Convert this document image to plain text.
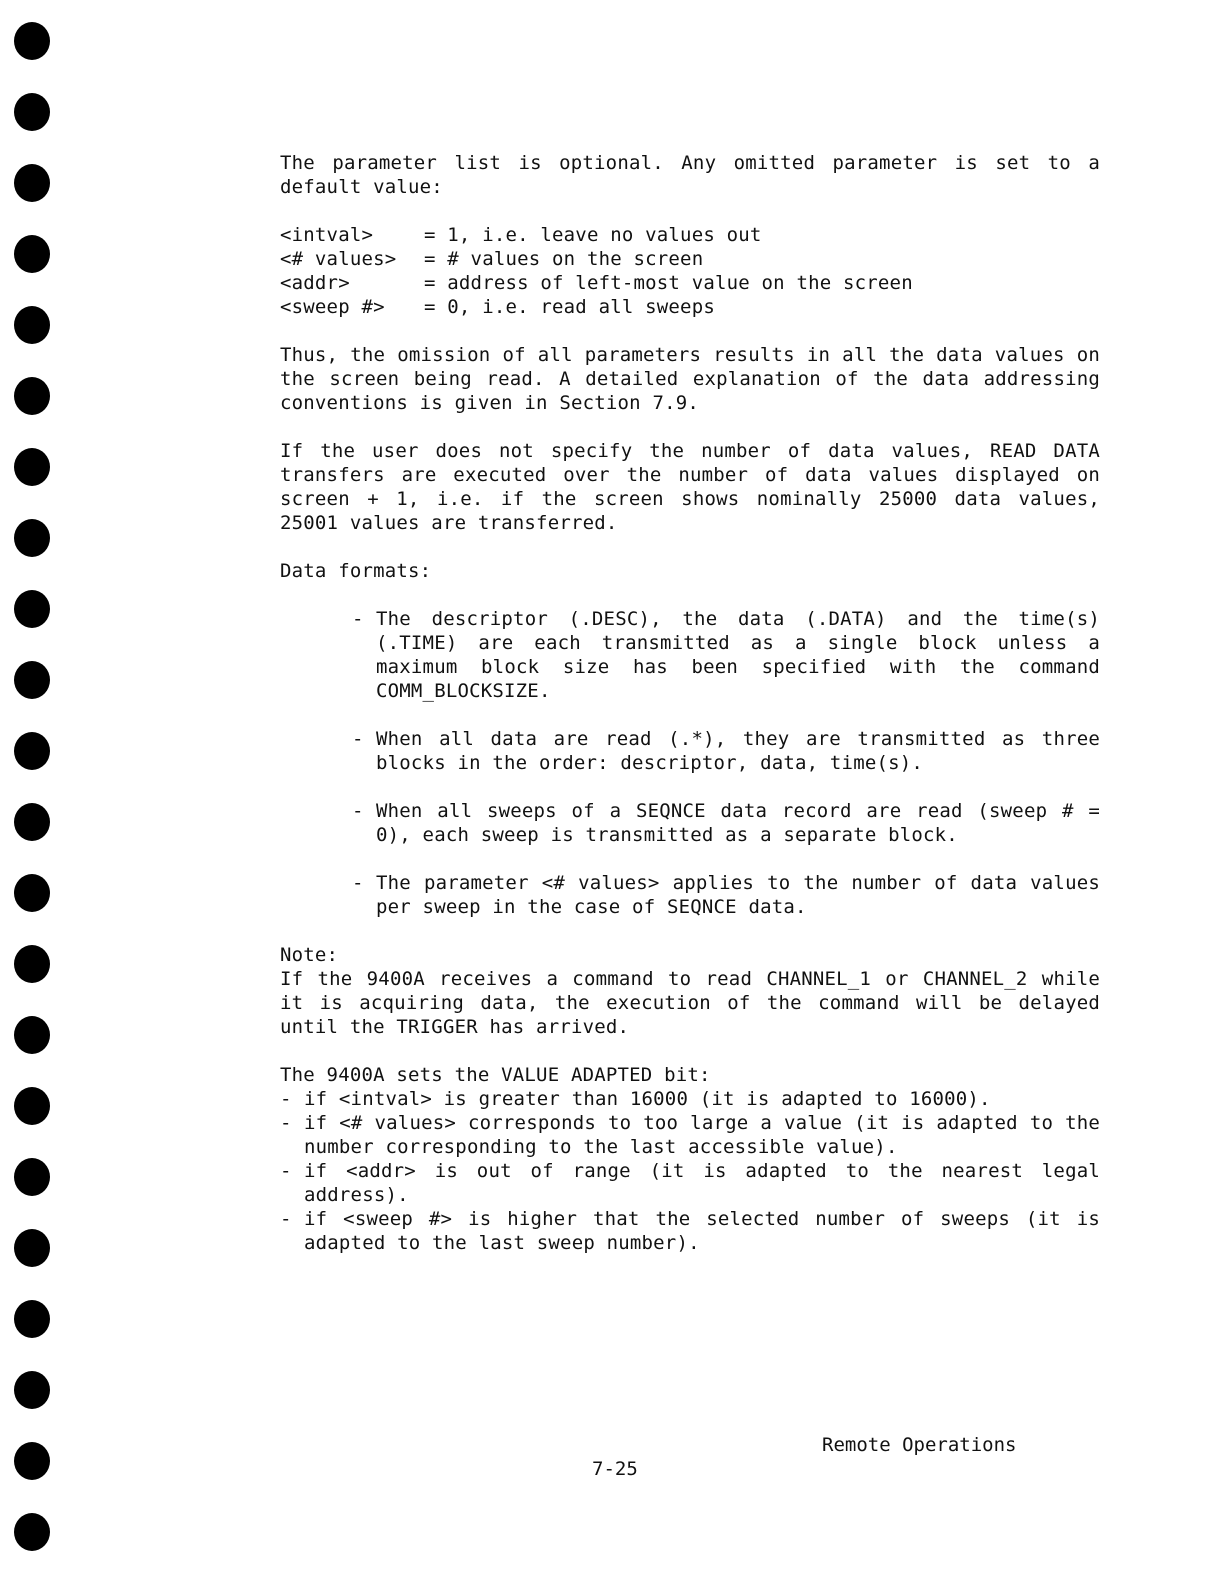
The parameter list is optional. Any omitted parameter is set to a default value:

<intval>	= 1, i.e. leave no values out
<# values>	= # values on the screen
<addr>	= address of left-most value on the screen
<sweep #>	= 0, i.e. read all sweeps

Thus, the omission of all parameters results in all the data values on the screen being read. A detailed explanation of the data addressing conventions is given in Section 7.9.

If the user does not specify the number of data values, READ DATA transfers are executed over the number of data values displayed on screen + 1, i.e. if the screen shows nominally 25000 data values, 25001 values are transferred.

Data formats:

- The descriptor (.DESC), the data (.DATA) and the time(s) (.TIME) are each transmitted as a single block unless a maximum block size has been specified with the command COMM_BLOCKSIZE.
- When all data are read (.*), they are transmitted as three blocks in the order: descriptor, data, time(s).
- When all sweeps of a SEQNCE data record are read (sweep # = 0), each sweep is transmitted as a separate block.
- The parameter <# values> applies to the number of data values per sweep in the case of SEQNCE data.
Note:
If the 9400A receives a command to read CHANNEL_1 or CHANNEL_2 while it is acquiring data, the execution of the command will be delayed until the TRIGGER has arrived.
The 9400A sets the VALUE ADAPTED bit:
- if <intval> is greater than 16000 (it is adapted to 16000).
- if <# values> corresponds to too large a value (it is adapted to the number corresponding to the last accessible value).
- if <addr> is out of range (it is adapted to the nearest legal address).
- if <sweep #> is higher that the selected number of sweeps (it is adapted to the last sweep number).
Remote Operations
7-25
